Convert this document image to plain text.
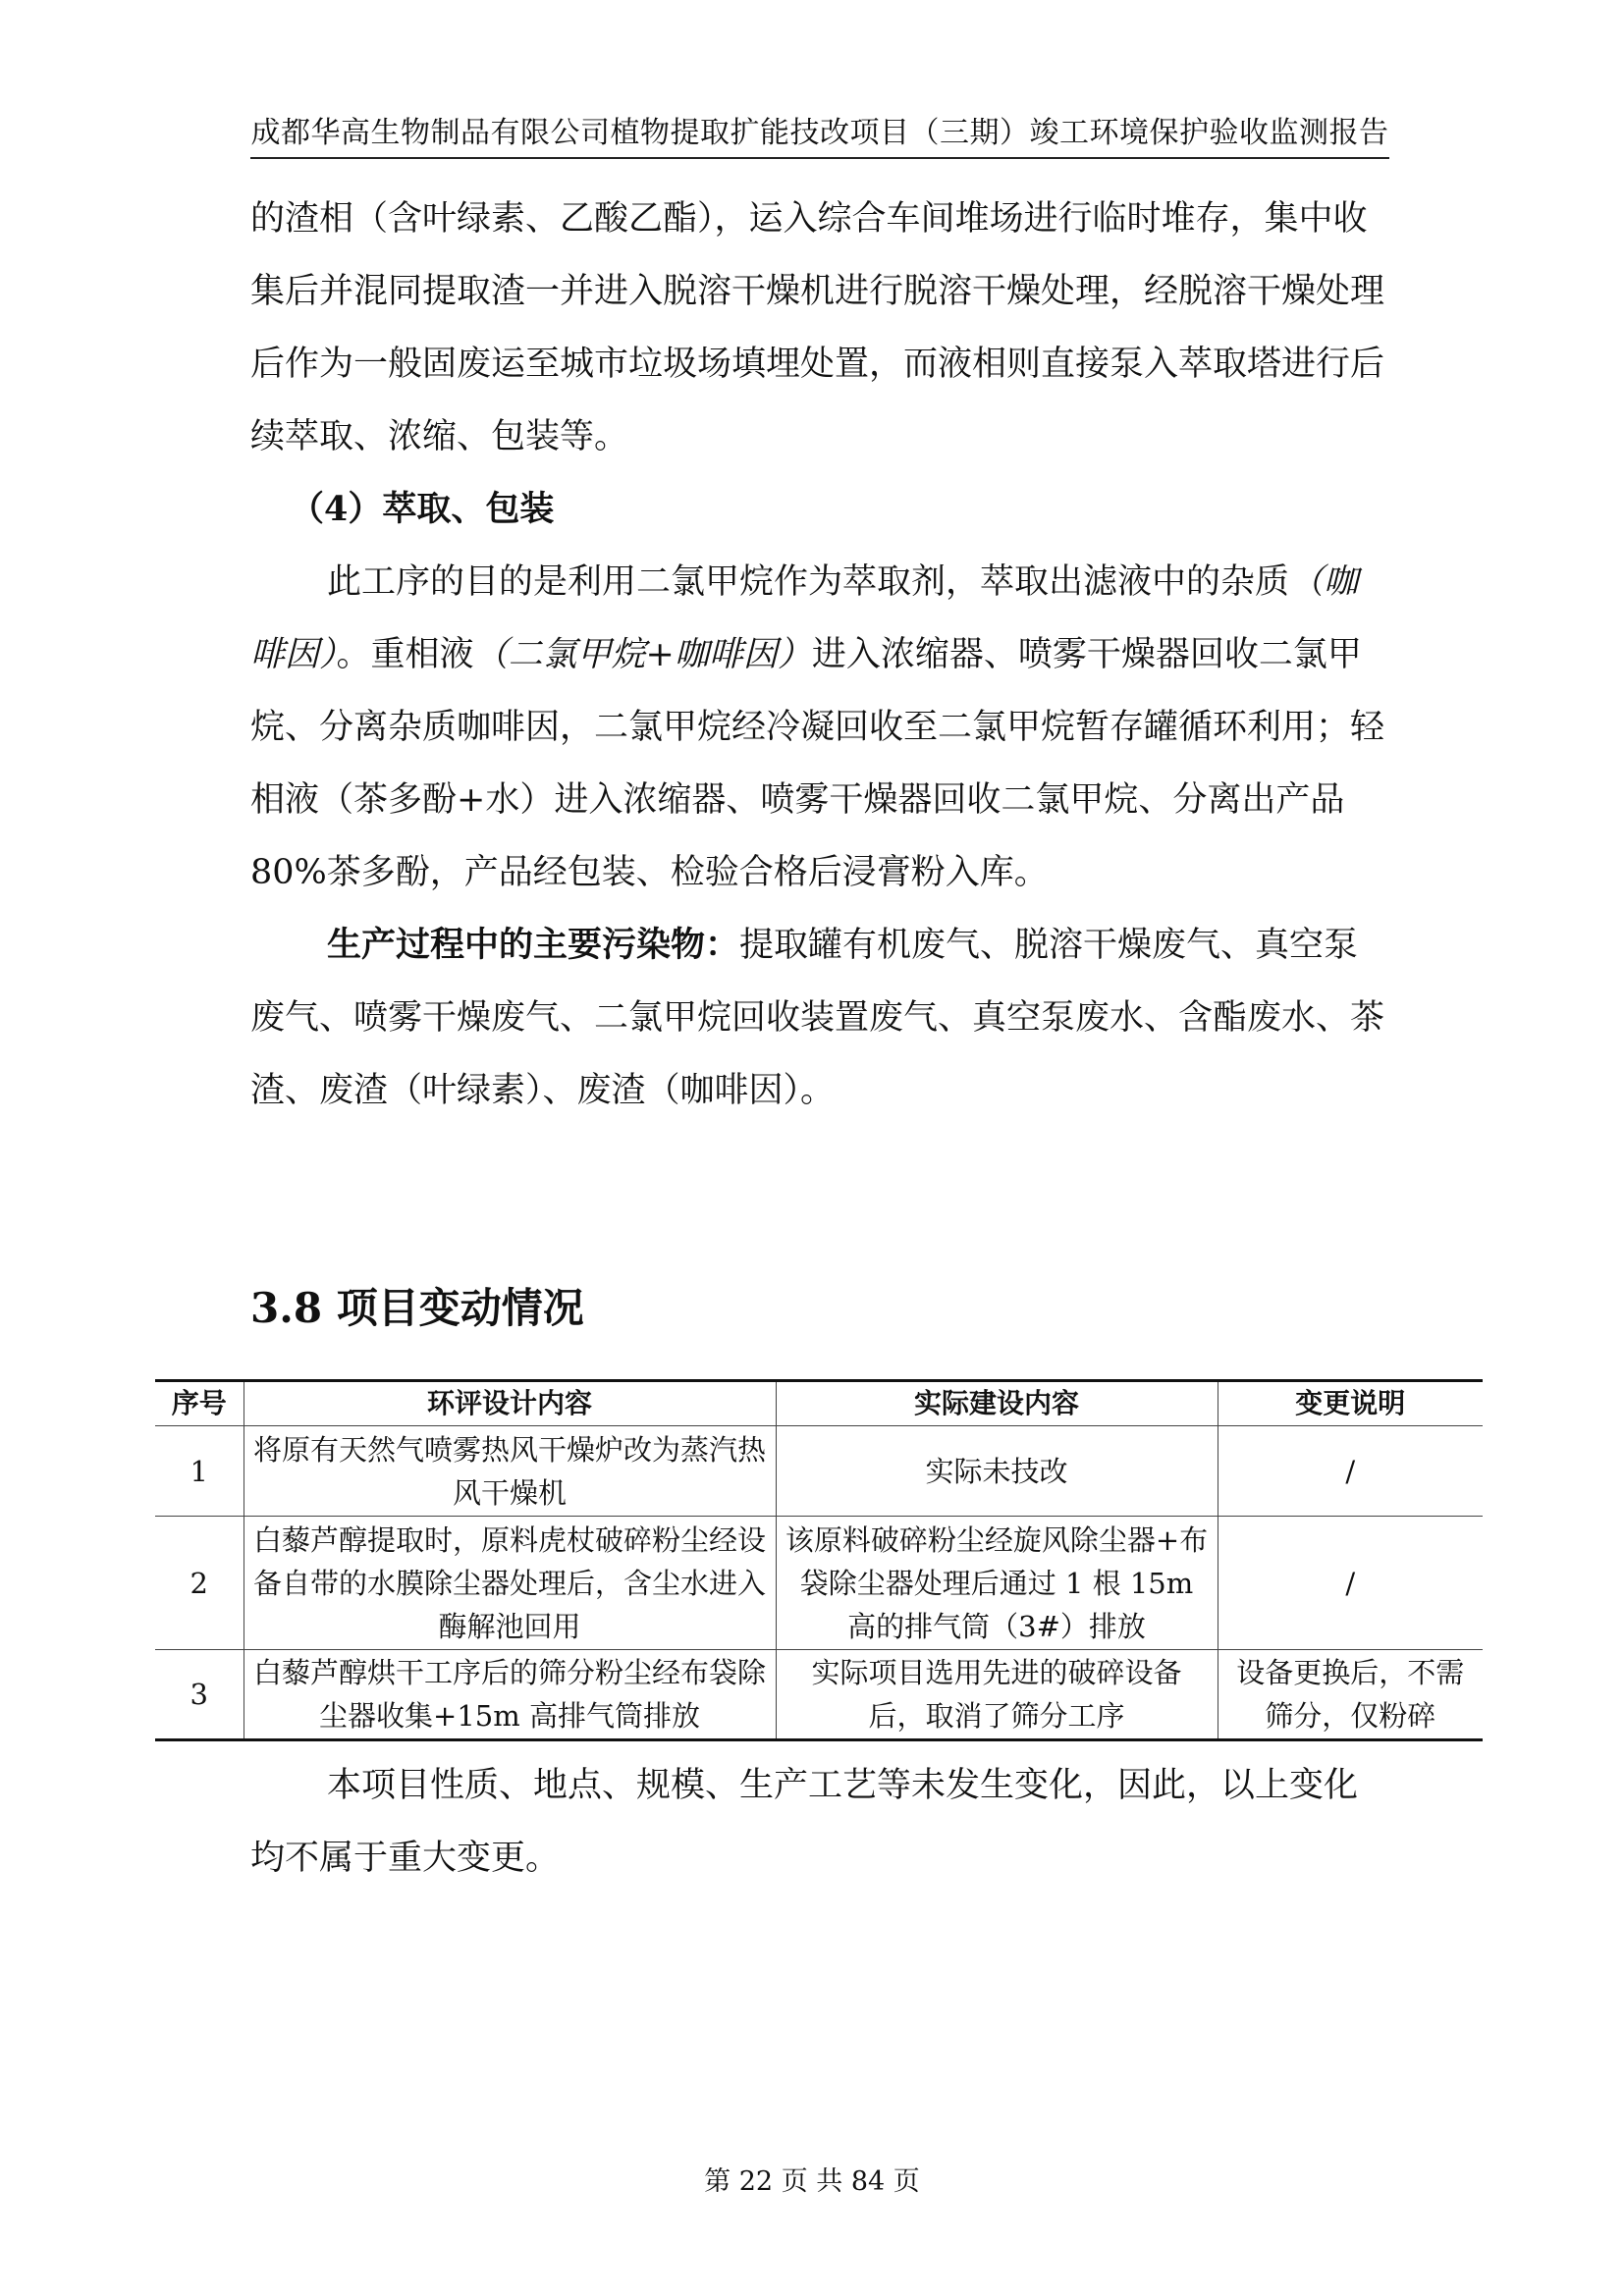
成都华高生物制品有限公司植物提取扩能技改项目（三期）竣工环境保护验收监测报告

的渣相（含叶绿素、乙酸乙酯），运入综合车间堆场进行临时堆存，集中收集后并混同提取渣一并进入脱溶干燥机进行脱溶干燥处理，经脱溶干燥处理后作为一般固废运至城市垃圾场填埋处置，而液相则直接泵入萃取塔进行后续萃取、浓缩、包装等。

（4）萃取、包装

此工序的目的是利用二氯甲烷作为萃取剂，萃取出滤液中的杂质（咖啡因）。重相液（二氯甲烷+咖啡因）进入浓缩器、喷雾干燥器回收二氯甲烷、分离杂质咖啡因，二氯甲烷经冷凝回收至二氯甲烷暂存罐循环利用；轻相液（茶多酚+水）进入浓缩器、喷雾干燥器回收二氯甲烷、分离出产品 80%茶多酚，产品经包装、检验合格后浸膏粉入库。

生产过程中的主要污染物：提取罐有机废气、脱溶干燥废气、真空泵废气、喷雾干燥废气、二氯甲烷回收装置废气、真空泵废水、含酯废水、茶渣、废渣（叶绿素）、废渣（咖啡因）。

3.8 项目变动情况
序号	环评设计内容	实际建设内容	变更说明
1	将原有天然气喷雾热风干燥炉改为蒸汽热风干燥机	实际未技改	/
2	白藜芦醇提取时，原料虎杖破碎粉尘经设备自带的水膜除尘器处理后，含尘水进入酶解池回用	该原料破碎粉尘经旋风除尘器+布袋除尘器处理后通过 1 根 15m 高的排气筒（3#）排放	/
3	白藜芦醇烘干工序后的筛分粉尘经布袋除尘器收集+15m 高排气筒排放	实际项目选用先进的破碎设备后，取消了筛分工序	设备更换后，不需筛分，仅粉碎

本项目性质、地点、规模、生产工艺等未发生变化，因此，以上变化均不属于重大变更。

第 22 页 共 84 页
